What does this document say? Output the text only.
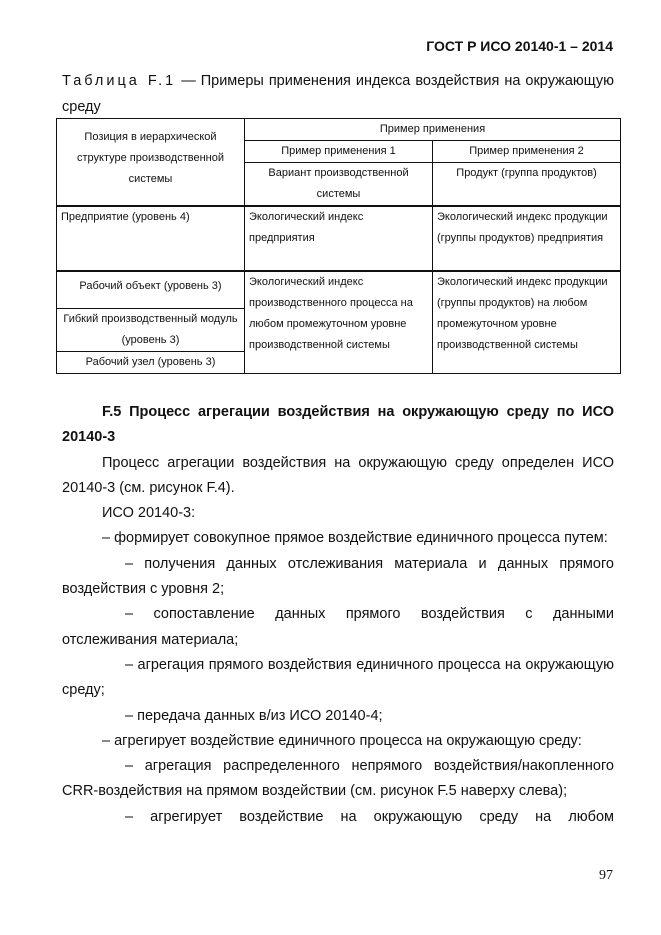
ГОСТ Р ИСО 20140-1 – 2014
Таблица F.1 — Примеры применения индекса воздействия на окружающую среду
Позиция в иерархической структуре производственной системы	Пример применения	
	Пример применения 1	Пример применения 2
	Вариант производственной системы	Продукт (группа продуктов)
Предприятие (уровень 4)	Экологический индекс предприятия	Экологический индекс продукции (группы продуктов) предприятия
Рабочий объект (уровень 3)	Экологический индекс производственного процесса на любом промежуточном уровне производственной системы	Экологический индекс продукции (группы продуктов) на любом промежуточном уровне производственной системы
Гибкий производственный модуль (уровень 3)		
Рабочий узел (уровень 3)		

F.5 Процесс агрегации воздействия на окружающую среду по ИСО 20140-3

Процесс агрегации воздействия на окружающую среду определен ИСО 20140-3 (см. рисунок F.4).

ИСО 20140-3:

– формирует совокупное прямое воздействие единичного процесса путем:

– получения данных отслеживания материала и данных прямого воздействия с уровня 2;

– сопоставление данных прямого воздействия с данными отслеживания материала;

– агрегация прямого воздействия единичного процесса на окружающую среду;

– передача данных в/из ИСО 20140-4;

– агрегирует воздействие единичного процесса на окружающую среду:

– агрегация распределенного непрямого воздействия/накопленного CRR-воздействия на прямом воздействии (см. рисунок F.5 наверху слева);

– агрегирует воздействие на окружающую среду на любом

97
